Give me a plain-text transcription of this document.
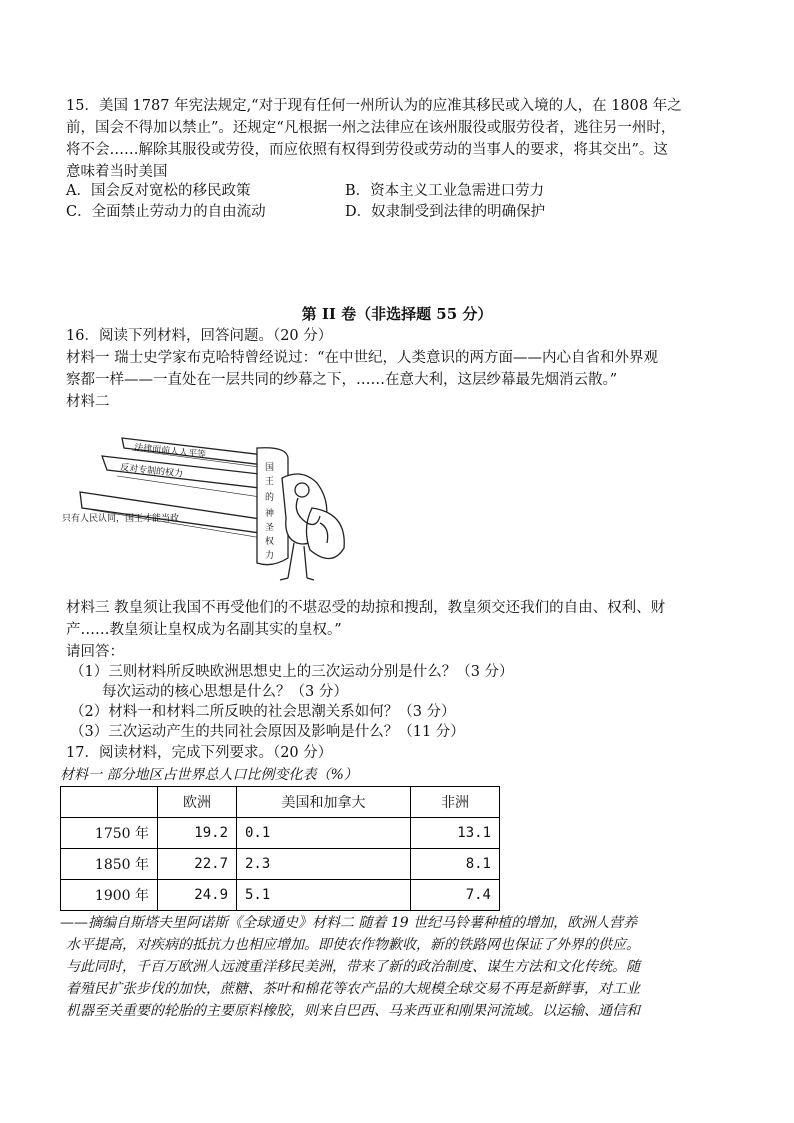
15．美国 1787 年宪法规定,“对于现有任何一州所认为的应准其移民或入境的人，在 1808 年之
前，国会不得加以禁止”。还规定“凡根据一州之法律应在该州服役或服劳役者，逃往另一州时，
将不会……解除其服役或劳役，而应依照有权得到劳役或劳动的当事人的要求，将其交出”。这
意味着当时美国
A．国会反对宽松的移民政策	B．资本主义工业急需进口劳力
C．全面禁止劳动力的自由流动	D．奴隶制受到法律的明确保护
第 II 卷（非选择题 55 分）
16．阅读下列材料，回答问题。（20 分）
材料一 瑞士史学家布克哈特曾经说过：“在中世纪，人类意识的两方面——内心自省和外界观
察都一样——一直处在一层共同的纱幕之下，……在意大利，这层纱幕最先烟消云散。”
材料二
法律面前人人平等
反对专制的权力
只有人民认同，国王才能当政
国
王
的
神
圣
权
力
材料三 教皇须让我国不再受他们的不堪忍受的劫掠和搜刮，教皇须交还我们的自由、权利、财
产……教皇须让皇权成为名副其实的皇权。”
请回答：
（1）三则材料所反映欧洲思想史上的三次运动分别是什么？（3 分）
每次运动的核心思想是什么？（3 分）
（2）材料一和材料二所反映的社会思潮关系如何？（3 分）
（3）三次运动产生的共同社会原因及影响是什么？（11 分）
17．阅读材料，完成下列要求。（20 分）
材料一 部分地区占世界总人口比例变化表（%）
	欧洲	美国和加拿大	非洲
1750 年	19.2	0.1	13.1
1850 年	22.7	2.3	8.1
1900 年	24.9	5.1	7.4
——摘编自斯塔夫里阿诺斯《全球通史》材料二 随着 19 世纪马铃薯种植的增加，欧洲人营养
水平提高，对疾病的抵抗力也相应增加。即使农作物歉收，新的铁路网也保证了外界的供应。
与此同时，千百万欧洲人远渡重洋移民美洲，带来了新的政治制度、谋生方法和文化传统。随
着殖民扩张步伐的加快，蔗糖、茶叶和棉花等农产品的大规模全球交易不再是新鲜事，对工业
机器至关重要的轮胎的主要原料橡胶，则来自巴西、马来西亚和刚果河流域。以运输、通信和
